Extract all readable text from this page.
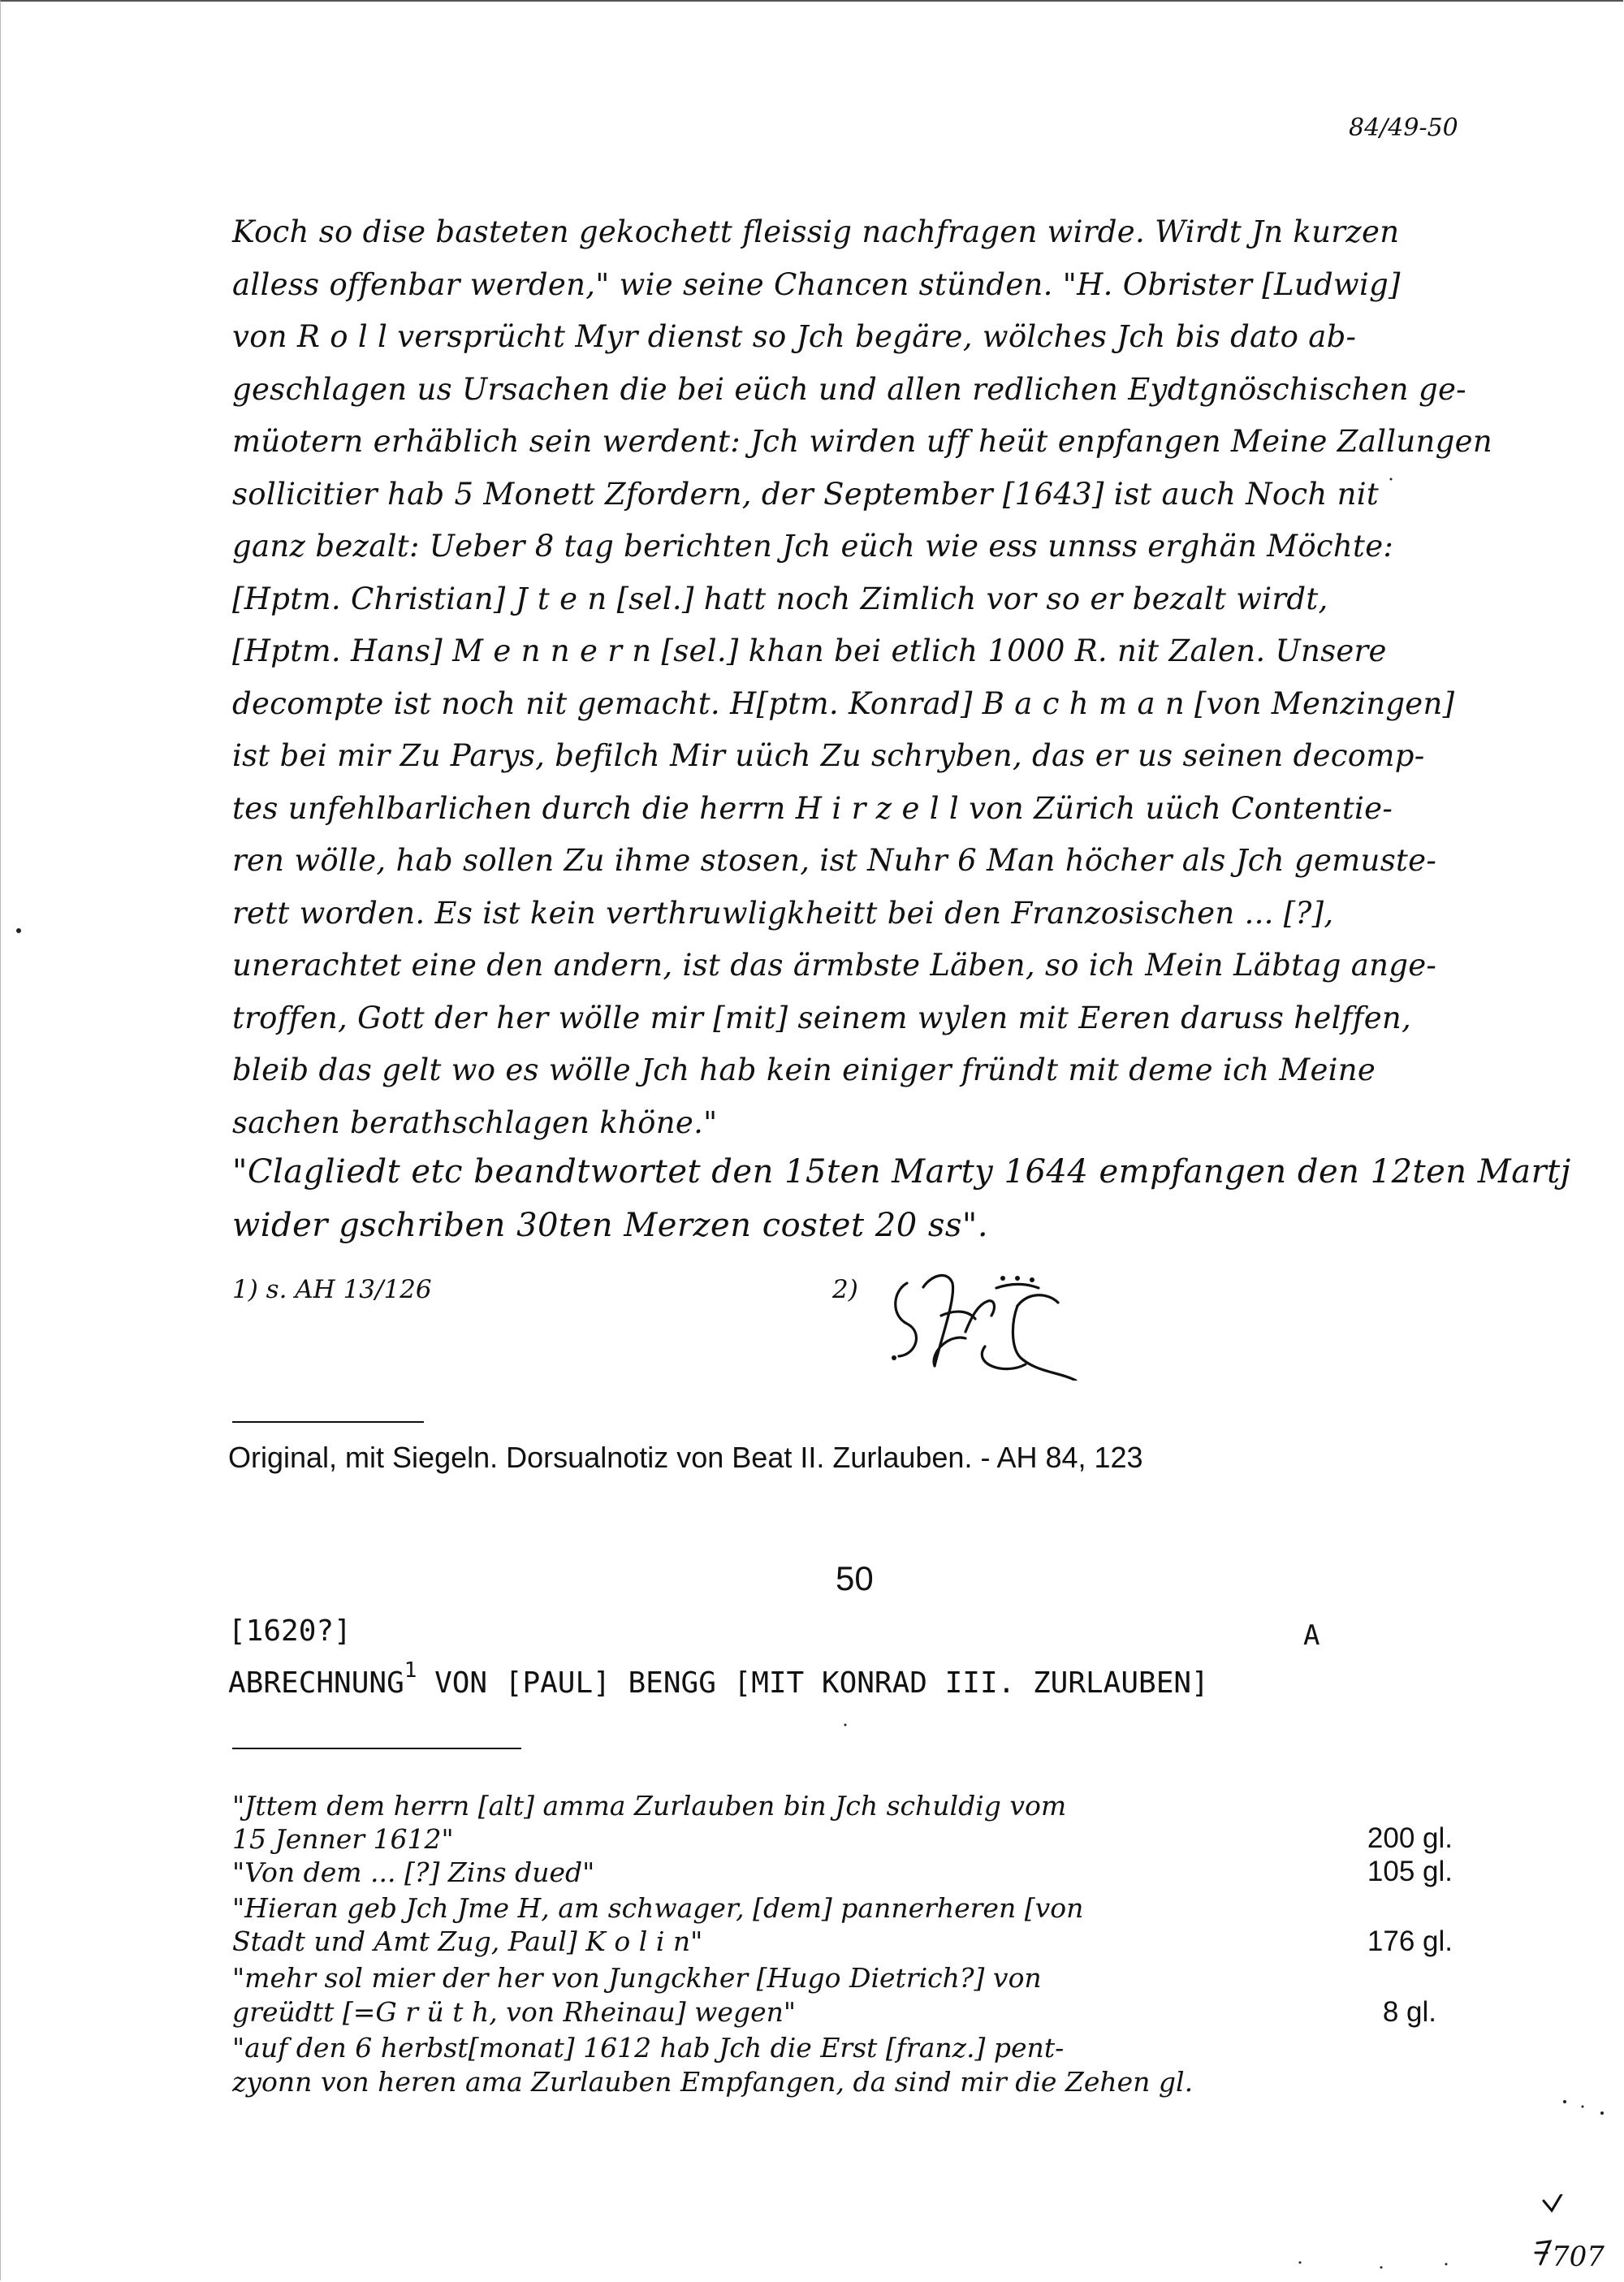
84/49-50
Koch so dise basteten gekochett fleissig nachfragen wirde. Wirdt Jn kurzen
alless offenbar werden," wie seine Chancen stünden. "H. Obrister [Ludwig]
von R o l l versprücht Myr dienst so Jch begäre, wölches Jch bis dato ab-
geschlagen us Ursachen die bei eüch und allen redlichen Eydtgnöschischen ge-
müotern erhäblich sein werdent: Jch wirden uff heüt enpfangen Meine Zallungen
sollicitier hab 5 Monett Zfordern, der September [1643] ist auch Noch nit
ganz bezalt: Ueber 8 tag berichten Jch eüch wie ess unnss erghän Möchte:
[Hptm. Christian] J t e n [sel.] hatt noch Zimlich vor so er bezalt wirdt,
[Hptm. Hans] M e n n e r n [sel.] khan bei etlich 1000 R. nit Zalen. Unsere
decompte ist noch nit gemacht. H[ptm. Konrad] B a c h m a n [von Menzingen]
ist bei mir Zu Parys, befilch Mir uüch Zu schryben, das er us seinen decomp-
tes unfehlbarlichen durch die herrn H i r z e l l von Zürich uüch Contentie-
ren wölle, hab sollen Zu ihme stosen, ist Nuhr 6 Man höcher als Jch gemuste-
rett worden. Es ist kein verthruwligkheitt bei den Franzosischen ... [?],
unerachtet eine den andern, ist das ärmbste Läben, so ich Mein Läbtag ange-
troffen, Gott der her wölle mir [mit] seinem wylen mit Eeren daruss helffen,
bleib das gelt wo es wölle Jch hab kein einiger fründt mit deme ich Meine
sachen berathschlagen khöne."
"Clagliedt etc beandtwortet den 15ten Marty 1644 empfangen den 12ten Martj
wider gschriben 30ten Merzen costet 20 ss".
1) s. AH 13/126	2)
Original, mit Siegeln. Dorsualnotiz von Beat II. Zurlauben. - AH 84, 123
50
[1620?]	A
ABRECHNUNG$^1$ VON [PAUL] BENGG [MIT KONRAD III. ZURLAUBEN]
"Jttem dem herrn [alt] amma Zurlauben bin Jch schuldig vom
15 Jenner 1612"	200 gl.
"Von dem ... [?] Zins dued"	105 gl.
"Hieran geb Jch Jme H, am schwager, [dem] pannerheren [von
Stadt und Amt Zug, Paul] K o l i n"	176 gl.
"mehr sol mier der her von Jungckher [Hugo Dietrich?] von
greüdtt [=G r ü t h, von Rheinau] wegen"	8 gl.
"auf den 6 herbst[monat] 1612 hab Jch die Erst [franz.] pent-
zyonn von heren ama Zurlauben Empfangen, da sind mir die Zehen gl.
707
